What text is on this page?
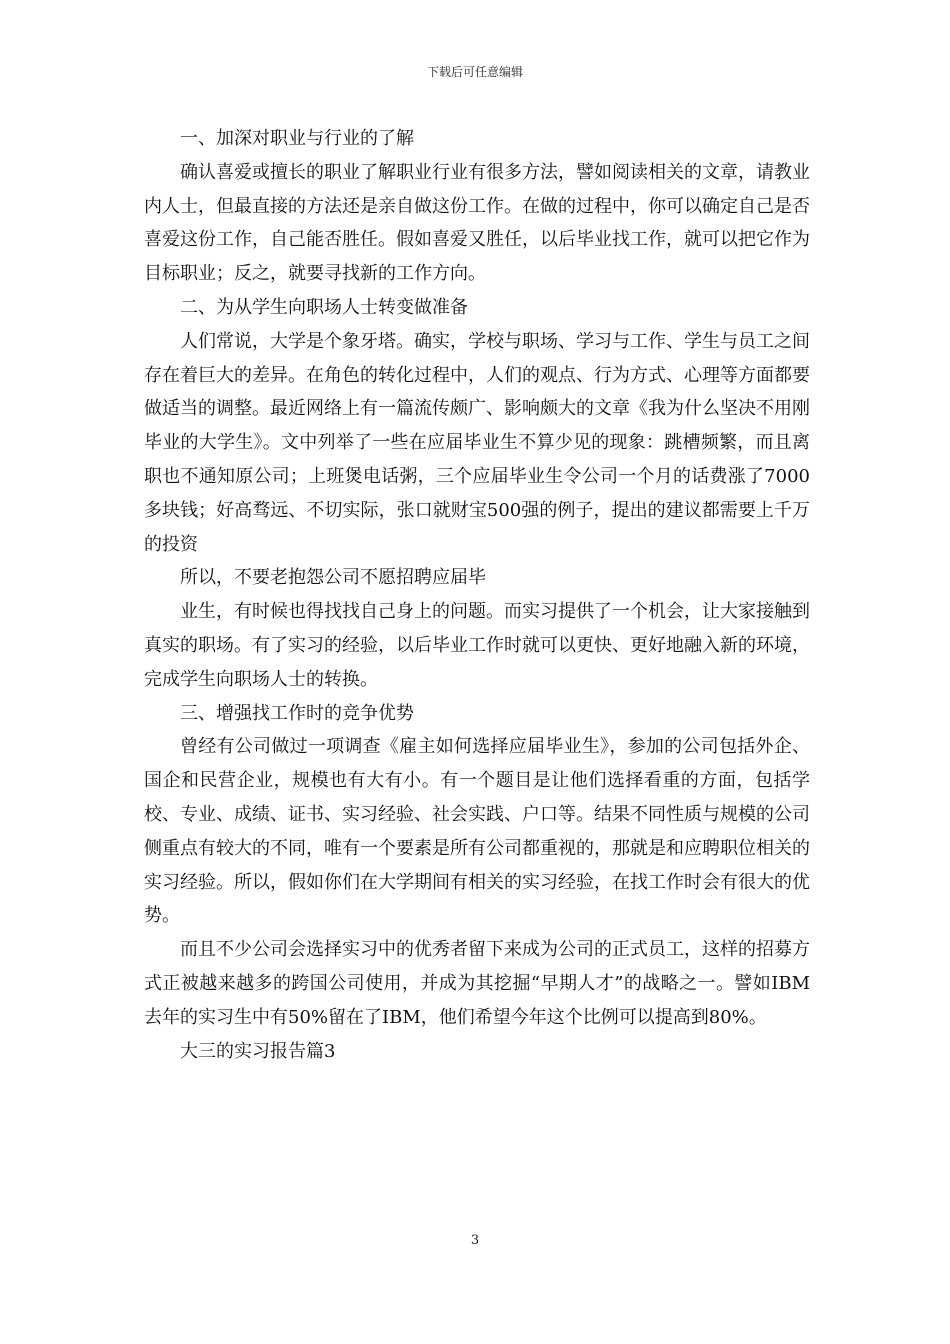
下载后可任意编辑

一、加深对职业与行业的了解

确认喜爱或擅长的职业了解职业行业有很多方法，譬如阅读相关的文章，请教业内人士，但最直接的方法还是亲自做这份工作。在做的过程中，你可以确定自己是否喜爱这份工作，自己能否胜任。假如喜爱又胜任，以后毕业找工作，就可以把它作为目标职业；反之，就要寻找新的工作方向。

二、为从学生向职场人士转变做准备

人们常说，大学是个象牙塔。确实，学校与职场、学习与工作、学生与员工之间存在着巨大的差异。在角色的转化过程中，人们的观点、行为方式、心理等方面都要做适当的调整。最近网络上有一篇流传颇广、影响颇大的文章《我为什么坚决不用刚毕业的大学生》。文中列举了一些在应届毕业生不算少见的现象：跳槽频繁，而且离职也不通知原公司；上班煲电话粥，三个应届毕业生令公司一个月的话费涨了7000多块钱；好高骛远、不切实际，张口就财宝500强的例子，提出的建议都需要上千万的投资

所以，不要老抱怨公司不愿招聘应届毕

业生，有时候也得找找自己身上的问题。而实习提供了一个机会，让大家接触到真实的职场。有了实习的经验，以后毕业工作时就可以更快、更好地融入新的环境，完成学生向职场人士的转换。

三、增强找工作时的竞争优势

曾经有公司做过一项调查《雇主如何选择应届毕业生》，参加的公司包括外企、国企和民营企业，规模也有大有小。有一个题目是让他们选择看重的方面，包括学校、专业、成绩、证书、实习经验、社会实践、户口等。结果不同性质与规模的公司侧重点有较大的不同，唯有一个要素是所有公司都重视的，那就是和应聘职位相关的实习经验。所以，假如你们在大学期间有相关的实习经验，在找工作时会有很大的优势。

而且不少公司会选择实习中的优秀者留下来成为公司的正式员工，这样的招募方式正被越来越多的跨国公司使用，并成为其挖掘“早期人才”的战略之一。譬如IBM去年的实习生中有50%留在了IBM，他们希望今年这个比例可以提高到80%。

大三的实习报告篇3

3
